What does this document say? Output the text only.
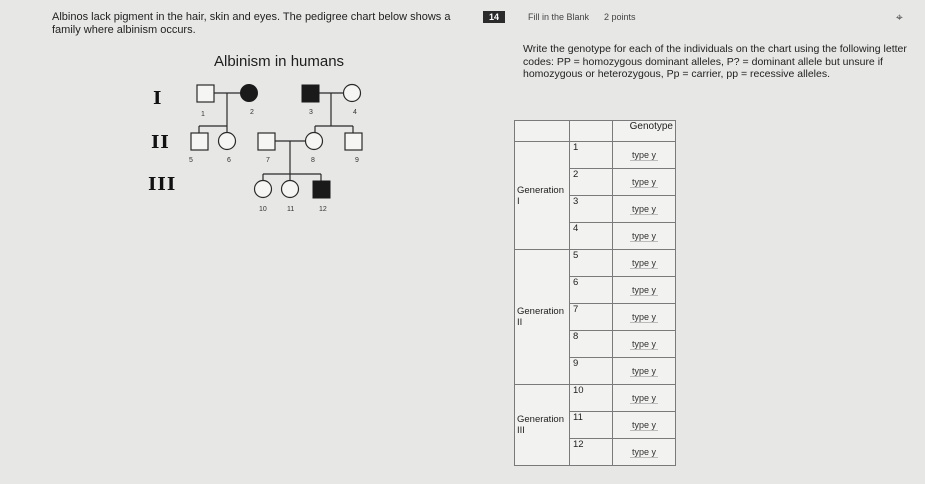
Albinos lack pigment in the hair, skin and eyes. The pedigree chart below shows a family where albinism occurs.
Albinism in humans
I
II
III
1	2	3	4
5	6	7	8	9
10	11	12
14	Fill in the Blank 2 points	⌖
Write the genotype for each of the individuals on the chart using the following letter codes: PP = homozygous dominant alleles, P? = dominant allele but unsure if homozygous or heterozygous, Pp = carrier, pp = recessive alleles.
		Genotype
Generation I	1	type y
	2	type y
	3	type y
	4	type y
Generation II	5	type y
	6	type y
	7	type y
	8	type y
	9	type y
Generation III	10	type y
	11	type y
	12	type y
